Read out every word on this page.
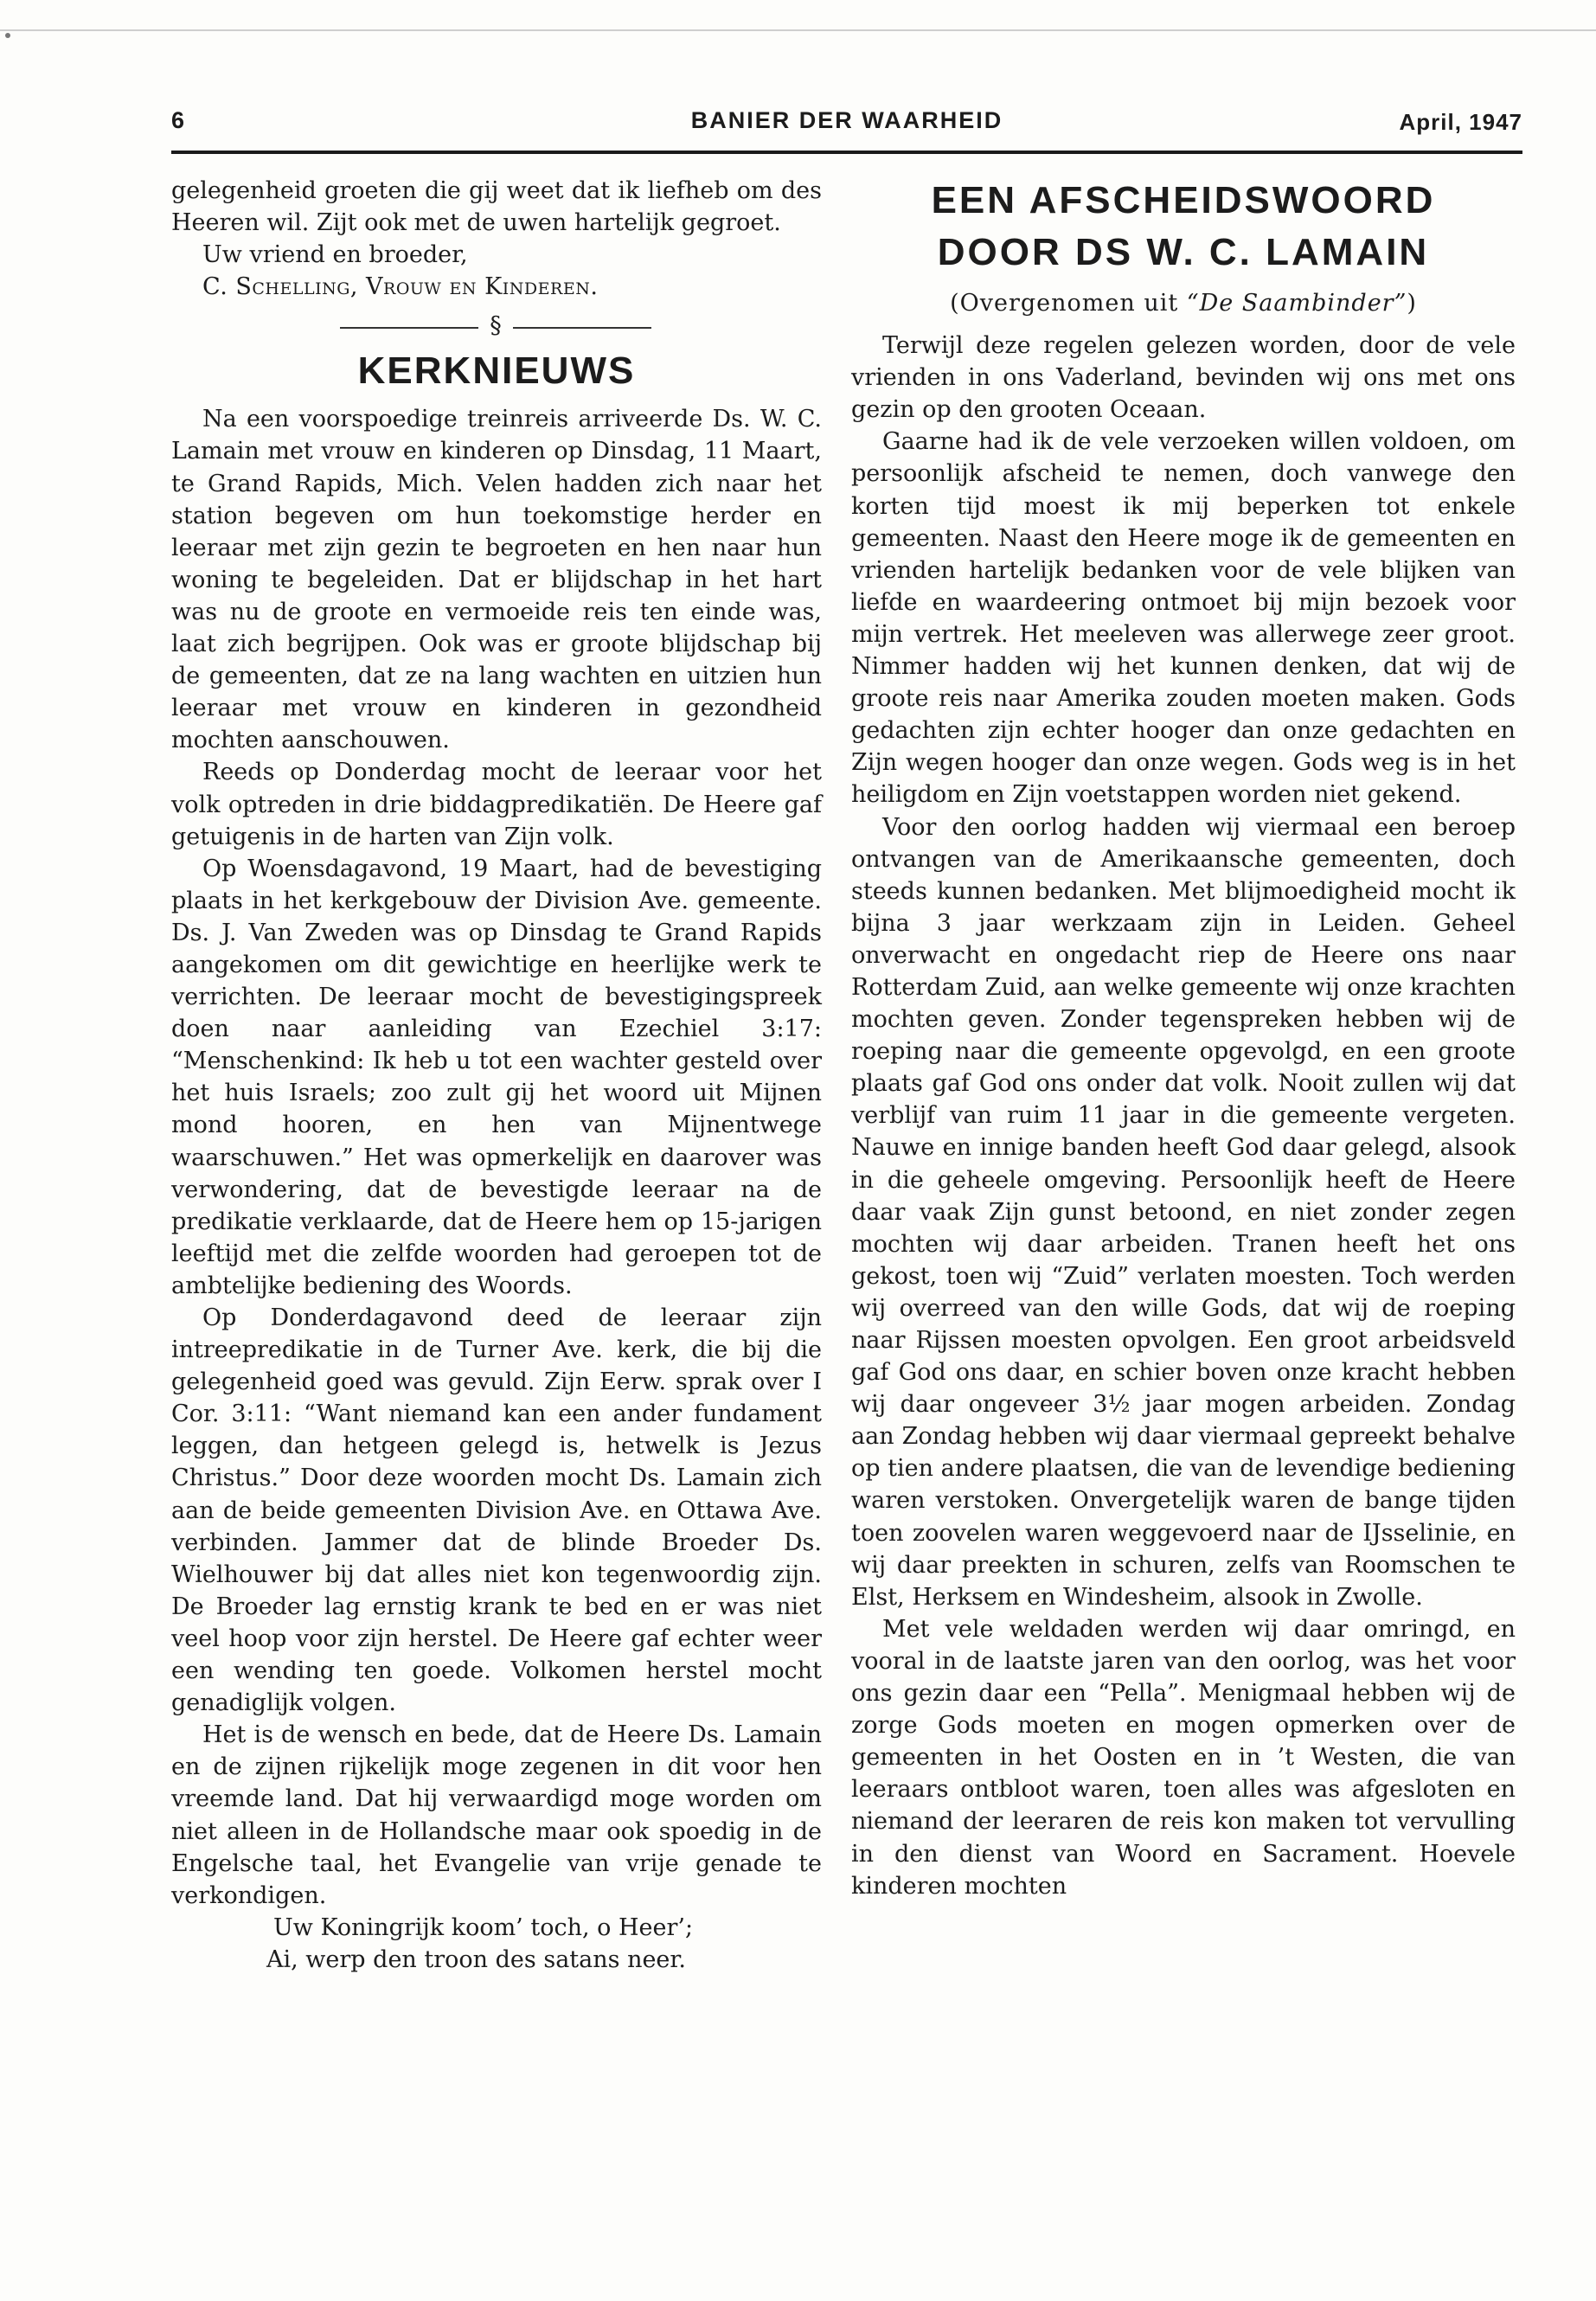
BANIER DER WAARHEID
6	April, 1947

gelegenheid groeten die gij weet dat ik liefheb om des Heeren wil. Zijt ook met de uwen hartelijk gegroet.

Uw vriend en broeder,

C. Schelling, Vrouw en Kinderen.

§
KERKNIEUWS

Na een voorspoedige treinreis arriveerde Ds. W. C. Lamain met vrouw en kinderen op Dinsdag, 11 Maart, te Grand Rapids, Mich. Velen hadden zich naar het station begeven om hun toekomstige herder en leeraar met zijn gezin te begroeten en hen naar hun woning te begeleiden. Dat er blijdschap in het hart was nu de groote en vermoeide reis ten einde was, laat zich begrijpen. Ook was er groote blijdschap bij de gemeenten, dat ze na lang wachten en uitzien hun leeraar met vrouw en kinderen in gezondheid mochten aanschouwen.

Reeds op Donderdag mocht de leeraar voor het volk optreden in drie biddagpredikatiën. De Heere gaf getuigenis in de harten van Zijn volk.

Op Woensdagavond, 19 Maart, had de bevestiging plaats in het kerkgebouw der Division Ave. gemeente. Ds. J. Van Zweden was op Dinsdag te Grand Rapids aangekomen om dit gewichtige en heerlijke werk te verrichten. De leeraar mocht de bevestigingspreek doen naar aanleiding van Ezechiel 3:17: “Menschenkind: Ik heb u tot een wachter gesteld over het huis Israels; zoo zult gij het woord uit Mijnen mond hooren, en hen van Mijnentwege waarschuwen.” Het was opmerkelijk en daarover was verwondering, dat de bevestigde leeraar na de predikatie verklaarde, dat de Heere hem op 15-jarigen leeftijd met die zelfde woorden had geroepen tot de ambtelijke bediening des Woords.

Op Donderdagavond deed de leeraar zijn intreepredikatie in de Turner Ave. kerk, die bij die gelegenheid goed was gevuld. Zijn Eerw. sprak over I Cor. 3:11: “Want niemand kan een ander fundament leggen, dan hetgeen gelegd is, hetwelk is Jezus Christus.” Door deze woorden mocht Ds. Lamain zich aan de beide gemeenten Division Ave. en Ottawa Ave. verbinden. Jammer dat de blinde Broeder Ds. Wielhouwer bij dat alles niet kon tegenwoordig zijn. De Broeder lag ernstig krank te bed en er was niet veel hoop voor zijn herstel. De Heere gaf echter weer een wending ten goede. Volkomen herstel mocht genadiglijk volgen.

Het is de wensch en bede, dat de Heere Ds. Lamain en de zijnen rijkelijk moge zegenen in dit voor hen vreemde land. Dat hij verwaardigd moge worden om niet alleen in de Hollandsche maar ook spoedig in de Engelsche taal, het Evangelie van vrije genade te verkondigen.

Uw Koningrijk koom’ toch, o Heer’;

Ai, werp den troon des satans neer.

EEN AFSCHEIDSWOORD
DOOR DS W. C. LAMAIN
(Overgenomen uit “De Saambinder”)

Terwijl deze regelen gelezen worden, door de vele vrienden in ons Vaderland, bevinden wij ons met ons gezin op den grooten Oceaan.

Gaarne had ik de vele verzoeken willen voldoen, om persoonlijk afscheid te nemen, doch vanwege den korten tijd moest ik mij beperken tot enkele gemeenten. Naast den Heere moge ik de gemeenten en vrienden hartelijk bedanken voor de vele blijken van liefde en waardeering ontmoet bij mijn bezoek voor mijn vertrek. Het meeleven was allerwege zeer groot. Nimmer hadden wij het kunnen denken, dat wij de groote reis naar Amerika zouden moeten maken. Gods gedachten zijn echter hooger dan onze gedachten en Zijn wegen hooger dan onze wegen. Gods weg is in het heiligdom en Zijn voetstappen worden niet gekend.

Voor den oorlog hadden wij viermaal een beroep ontvangen van de Amerikaansche gemeenten, doch steeds kunnen bedanken. Met blijmoedigheid mocht ik bijna 3 jaar werkzaam zijn in Leiden. Geheel onverwacht en ongedacht riep de Heere ons naar Rotterdam Zuid, aan welke gemeente wij onze krachten mochten geven. Zonder tegenspreken hebben wij de roeping naar die gemeente opgevolgd, en een groote plaats gaf God ons onder dat volk. Nooit zullen wij dat verblijf van ruim 11 jaar in die gemeente vergeten. Nauwe en innige banden heeft God daar gelegd, alsook in die geheele omgeving. Persoonlijk heeft de Heere daar vaak Zijn gunst betoond, en niet zonder zegen mochten wij daar arbeiden. Tranen heeft het ons gekost, toen wij “Zuid” verlaten moesten. Toch werden wij overreed van den wille Gods, dat wij de roeping naar Rijssen moesten opvolgen. Een groot arbeidsveld gaf God ons daar, en schier boven onze kracht hebben wij daar ongeveer 3½ jaar mogen arbeiden. Zondag aan Zondag hebben wij daar viermaal gepreekt behalve op tien andere plaatsen, die van de levendige bediening waren verstoken. Onvergetelijk waren de bange tijden toen zoovelen waren weggevoerd naar de IJsselinie, en wij daar preekten in schuren, zelfs van Roomschen te Elst, Herksem en Windesheim, alsook in Zwolle.

Met vele weldaden werden wij daar omringd, en vooral in de laatste jaren van den oorlog, was het voor ons gezin daar een “Pella”. Menigmaal hebben wij de zorge Gods moeten en mogen opmerken over de gemeenten in het Oosten en in ’t Westen, die van leeraars ontbloot waren, toen alles was afgesloten en niemand der leeraren de reis kon maken tot vervulling in den dienst van Woord en Sacrament. Hoevele kinderen mochten
